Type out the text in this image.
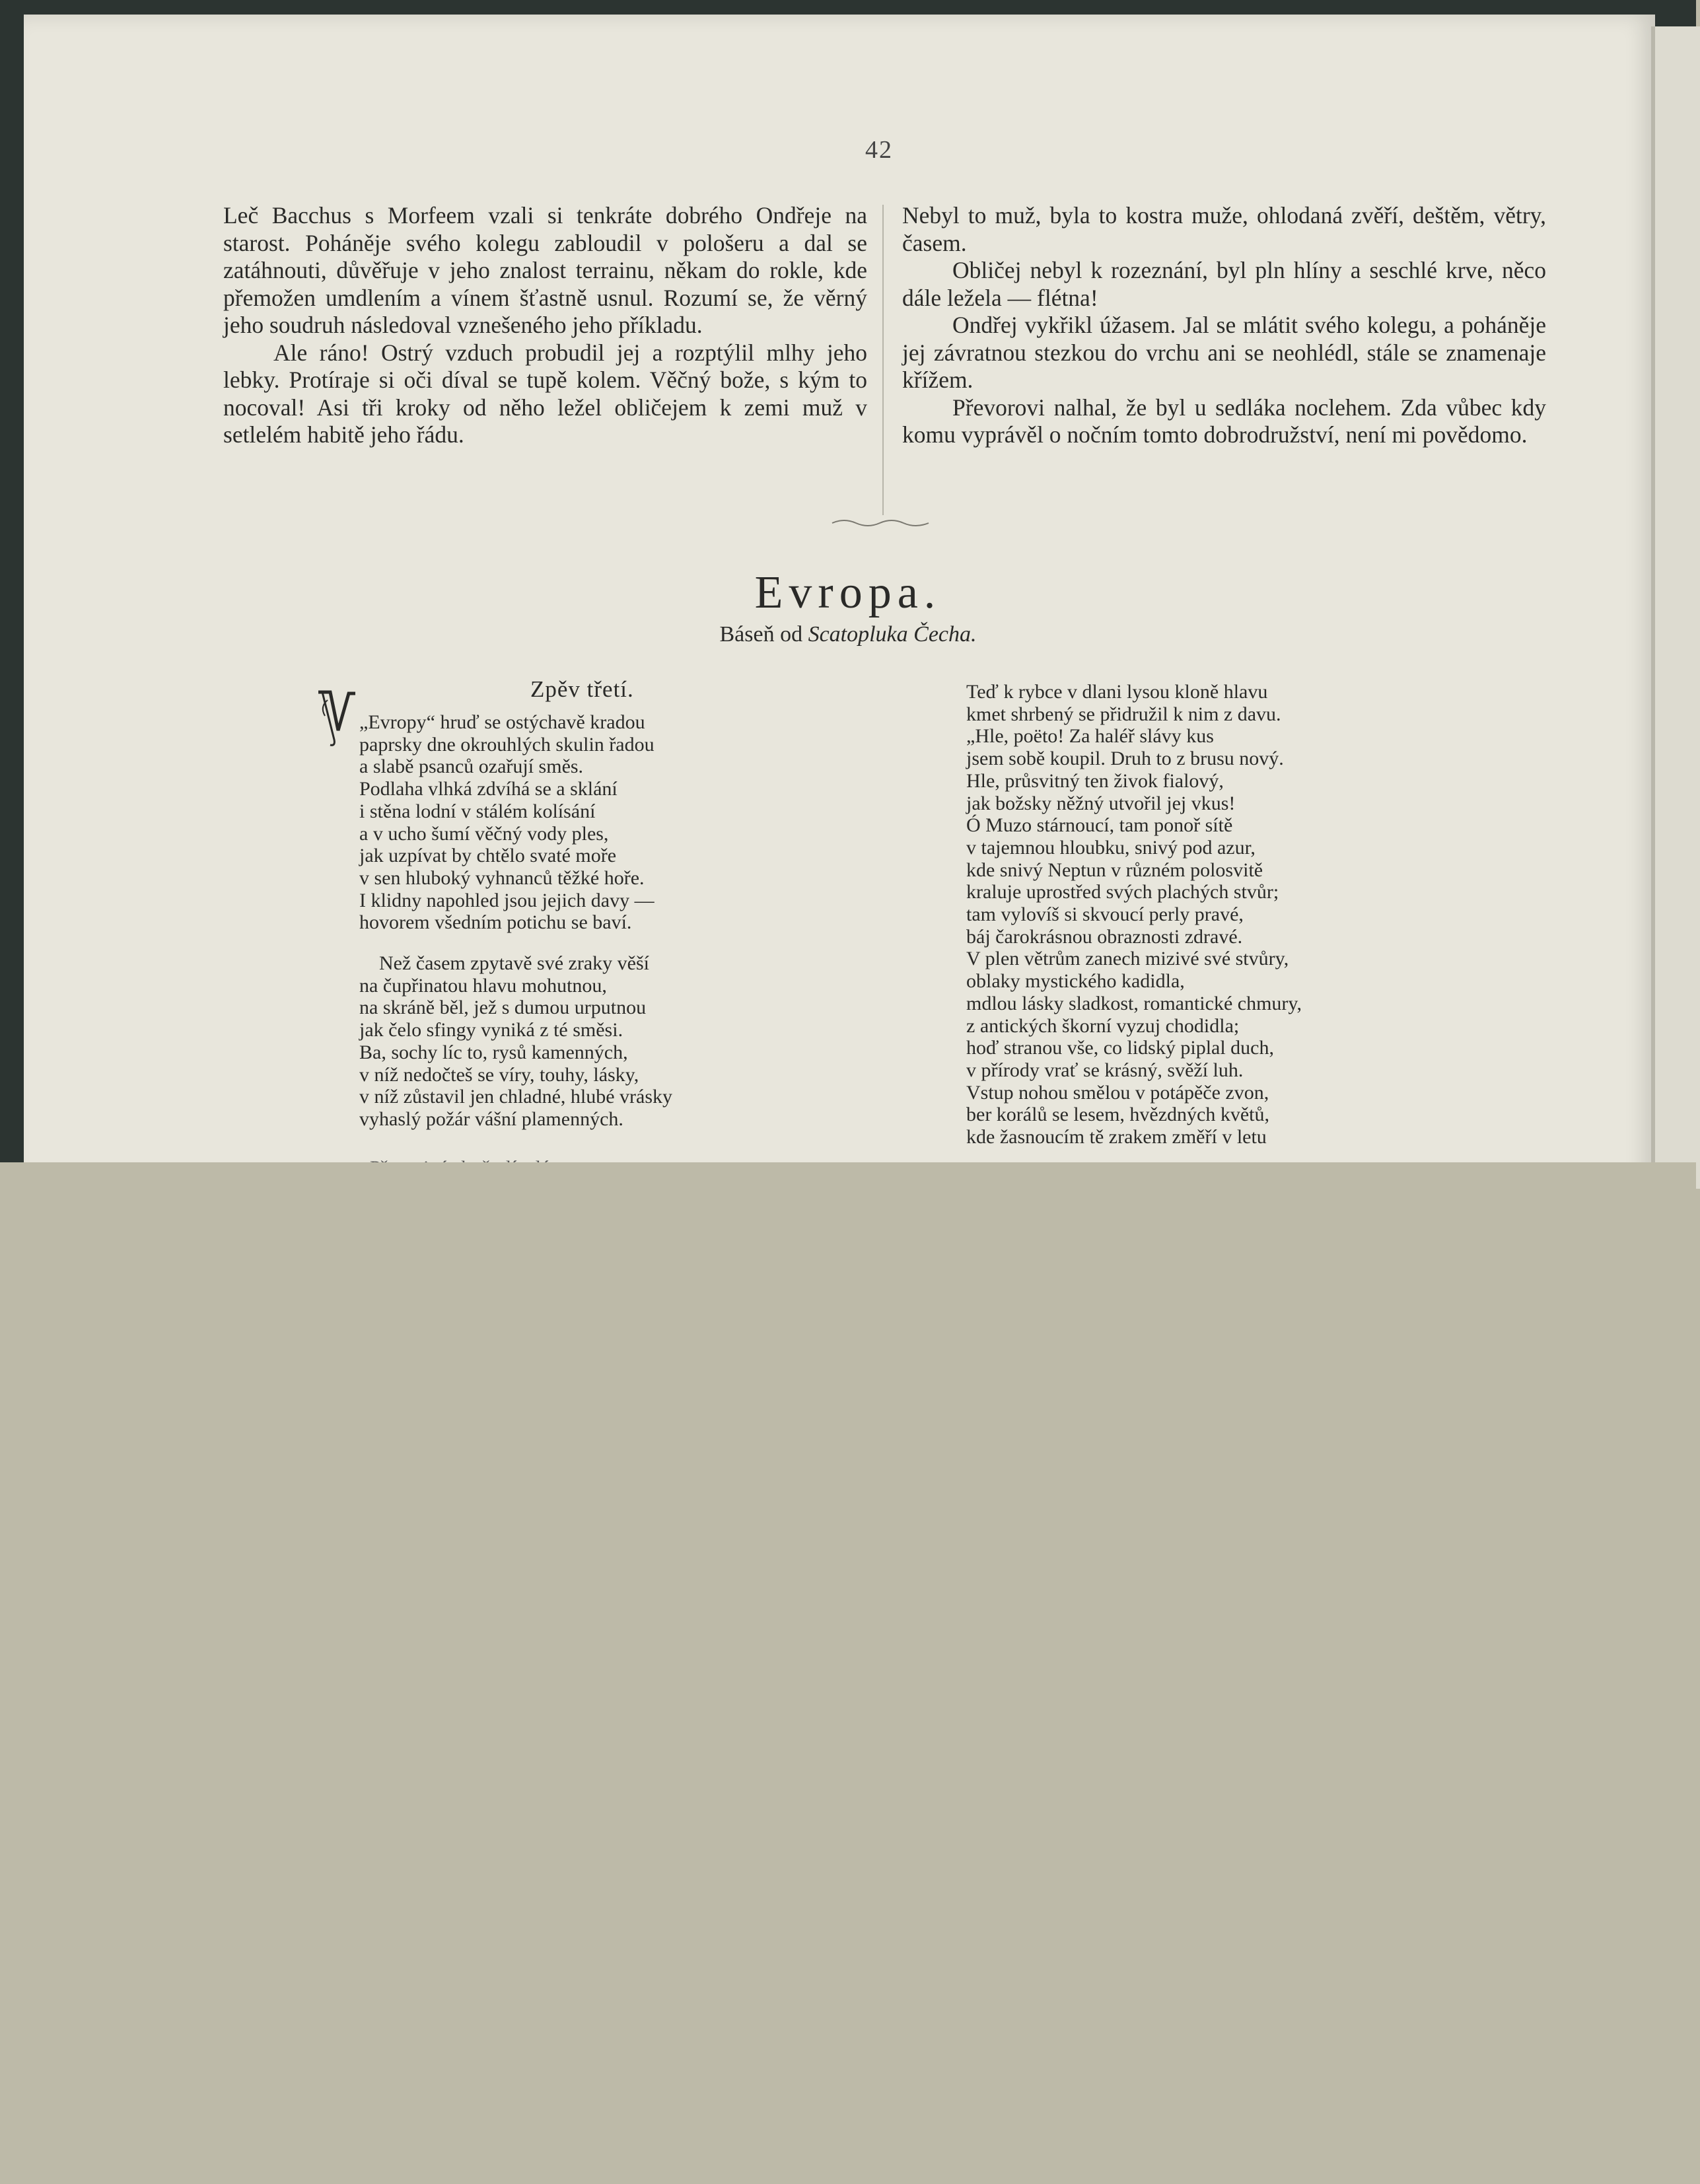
42

Leč Bacchus s Morfeem vzali si tenkráte dobrého Ondřeje na starost. Poháněje svého kolegu zabloudil v pološeru a dal se zatáhnouti, důvěřuje v jeho znalost terrainu, někam do rokle, kde přemožen umdlením a vínem šťastně usnul. Rozumí se, že věrný jeho soudruh následoval vznešeného jeho příkladu.

Ale ráno! Ostrý vzduch probudil jej a rozptýlil mlhy jeho lebky. Protíraje si oči díval se tupě kolem. Věčný bože, s kým to nocoval! Asi tři kroky od něho ležel obličejem k zemi muž v setlelém habitě jeho řádu.

Nebyl to muž, byla to kostra muže, ohlodaná zvěří, deštěm, větry, časem.

Obličej nebyl k rozeznání, byl pln hlíny a seschlé krve, něco dále ležela — flétna!

Ondřej vykřikl úžasem. Jal se mlátit svého kolegu, a poháněje jej závratnou stezkou do vrchu ani se neohlédl, stále se znamenaje křížem.

Převorovi nalhal, že byl u sedláka noclehem. Zda vůbec kdy komu vyprávěl o nočním tomto dobrodružství, není mi povědomo.

Evropa.
Báseň od Scatopluka Čecha.
Zpěv třetí.
„Evropy“ hruď se ostýchavě kradou
paprsky dne okrouhlých skulin řadou
a slabě psanců ozařují směs.
Podlaha vlhká zdvíhá se a sklání
i stěna lodní v stálém kolísání
a v ucho šumí věčný vody ples,
jak uzpívat by chtělo svaté moře
v sen hluboký vyhnanců těžké hoře.
I klidny napohled jsou jejich davy —
hovorem všedním potichu se baví.
Než časem zpytavě své zraky věší
na čupřinatou hlavu mohutnou,
na skráně běl, jež s dumou urputnou
jak čelo sfingy vyniká z té směsi.
Ba, sochy líc to, rysů kamenných,
v níž nedočteš se víry, touhy, lásky,
v níž zůstavil jen chladné, hlubé vrásky
vyhaslý požár vášní plamenných.
Teď k rybce v dlani lysou kloně hlavu
kmet shrbený se přidružil k nim z davu.
„Hle, poëto! Za haléř slávy kus
jsem sobě koupil. Druh to z brusu nový.
Hle, průsvitný ten živok fialový,
jak božsky něžný utvořil jej vkus!
Ó Muzo stárnoucí, tam ponoř sítě
v tajemnou hloubku, snivý pod azur,
kde snivý Neptun v různém polosvitě
kraluje uprostřed svých plachých stvůr;
tam vylovíš si skvoucí perly pravé,
báj čarokrásnou obraznosti zdravé.
V plen větrům zanech mizivé své stvůry,
oblaky mystického kadidla,
mdlou lásky sladkost, romantické chmury,
z antických škorní vyzuj chodidla;
hoď stranou vše, co lidský piplal duch,
v přírody vrať se krásný, svěží luh.
Vstup nohou smělou v potápěče zvon,
ber korálů se lesem, hvězdných květů,
kde žasnoucím tě zrakem změří v letu
